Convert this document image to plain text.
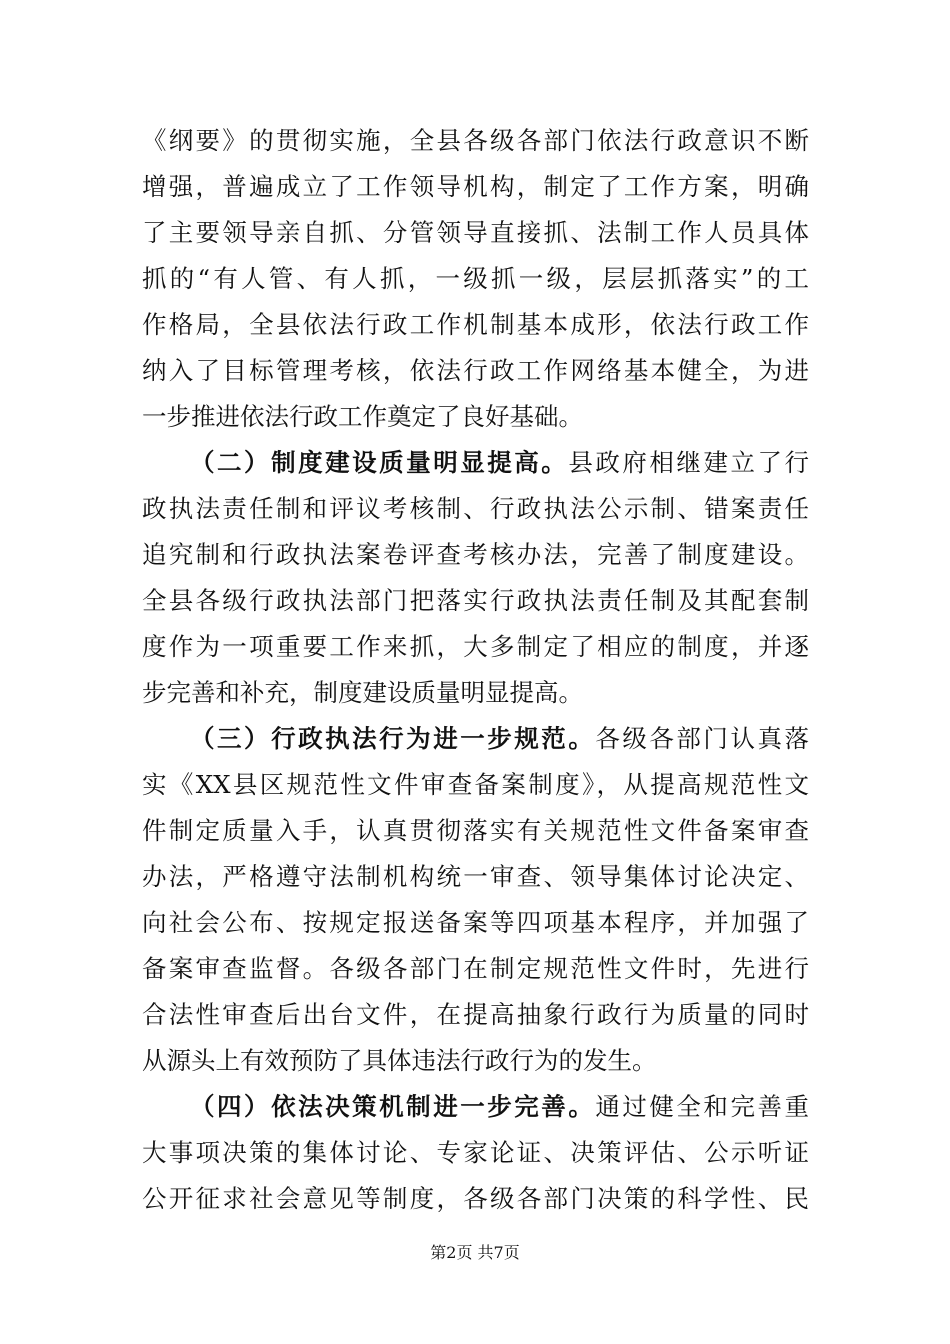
《纲要》的贯彻实施，全县各级各部门依法行政意识不断
增强，普遍成立了工作领导机构，制定了工作方案，明确
了主要领导亲自抓、分管领导直接抓、法制工作人员具体
抓的“有人管、有人抓，一级抓一级，层层抓落实”的工
作格局，全县依法行政工作机制基本成形，依法行政工作
纳入了目标管理考核，依法行政工作网络基本健全，为进
一步推进依法行政工作奠定了良好基础。
（二）制度建设质量明显提高。县政府相继建立了行
政执法责任制和评议考核制、行政执法公示制、错案责任
追究制和行政执法案卷评查考核办法，完善了制度建设。
全县各级行政执法部门把落实行政执法责任制及其配套制
度作为一项重要工作来抓，大多制定了相应的制度，并逐
步完善和补充，制度建设质量明显提高。
（三）行政执法行为进一步规范。各级各部门认真落
实《XX县区规范性文件审查备案制度》，从提高规范性文
件制定质量入手，认真贯彻落实有关规范性文件备案审查
办法，严格遵守法制机构统一审查、领导集体讨论决定、
向社会公布、按规定报送备案等四项基本程序，并加强了
备案审查监督。各级各部门在制定规范性文件时，先进行
合法性审查后出台文件，在提高抽象行政行为质量的同时
从源头上有效预防了具体违法行政行为的发生。
（四）依法决策机制进一步完善。通过健全和完善重
大事项决策的集体讨论、专家论证、决策评估、公示听证
公开征求社会意见等制度，各级各部门决策的科学性、民
第2页 共7页
